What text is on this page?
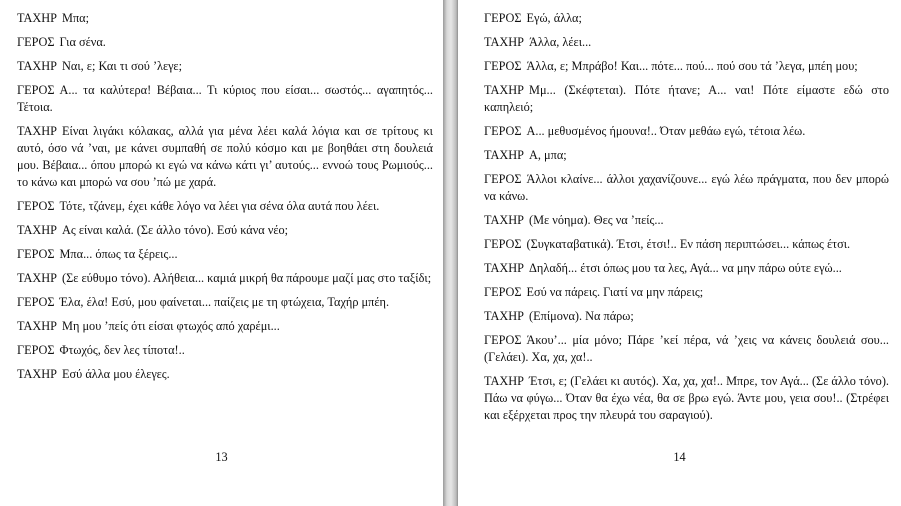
ΤΑΧΗΡ Μπα;

ΓΕΡΟΣ Για σένα.

ΤΑΧΗΡ Ναι, ε; Και τι σού ’λεγε;

ΓΕΡΟΣ Α... τα καλύτερα! Βέβαια... Τι κύριος που είσαι... σωστός... αγαπητός... Τέτοια.

ΤΑΧΗΡ Είναι λιγάκι κόλακας, αλλά για μένα λέει καλά λόγια και σε τρίτους κι αυτό, όσο νά ’ναι, με κάνει συμπαθή σε πολύ κόσμο και με βοηθάει στη δουλειά μου. Βέβαια... όπου μπορώ κι εγώ να κάνω κάτι γι’ αυτούς... εννοώ τους Ρωμιούς... το κάνω και μπορώ να σου ’πώ με χαρά.

ΓΕΡΟΣ Τότε, τζάνεμ, έχει κάθε λόγο να λέει για σένα όλα αυτά που λέει.

ΤΑΧΗΡ Ας είναι καλά. (Σε άλλο τόνο). Εσύ κάνα νέο;

ΓΕΡΟΣ Μπα... όπως τα ξέρεις...

ΤΑΧΗΡ (Σε εύθυμο τόνο). Αλήθεια... καμιά μικρή θα πάρουμε μαζί μας στο ταξίδι;

ΓΕΡΟΣ Έλα, έλα! Εσύ, μου φαίνεται... παίζεις με τη φτώχεια, Ταχήρ μπέη.

ΤΑΧΗΡ Μη μου ’πείς ότι είσαι φτωχός από χαρέμι...

ΓΕΡΟΣ Φτωχός, δεν λες τίποτα!..

ΤΑΧΗΡ Εσύ άλλα μου έλεγες.

13

ΓΕΡΟΣ Εγώ, άλλα;

ΤΑΧΗΡ Άλλα, λέει...

ΓΕΡΟΣ Άλλα, ε; Μπράβο! Και... πότε... πού... πού σου τά ’λεγα, μπέη μου;

ΤΑΧΗΡ Μμ... (Σκέφτεται). Πότε ήτανε; Α... ναι! Πότε είμαστε εδώ στο καπηλειό;

ΓΕΡΟΣ Α... μεθυσμένος ήμουνα!.. Όταν μεθάω εγώ, τέτοια λέω.

ΤΑΧΗΡ Α, μπα;

ΓΕΡΟΣ Άλλοι κλαίνε... άλλοι χαχανίζουνε... εγώ λέω πράγματα, που δεν μπορώ να κάνω.

ΤΑΧΗΡ (Με νόημα). Θες να ’πείς...

ΓΕΡΟΣ (Συγκαταβατικά). Έτσι, έτσι!.. Εν πάση περιπτώσει... κάπως έτσι.

ΤΑΧΗΡ Δηλαδή... έτσι όπως μου τα λες, Αγά... να μην πάρω ούτε εγώ...

ΓΕΡΟΣ Εσύ να πάρεις. Γιατί να μην πάρεις;

ΤΑΧΗΡ (Επίμονα). Να πάρω;

ΓΕΡΟΣ Άκου’... μία μόνο; Πάρε ’κεί πέρα, νά ’χεις να κάνεις δουλειά σου... (Γελάει). Χα, χα, χα!..

ΤΑΧΗΡ Έτσι, ε; (Γελάει κι αυτός). Χα, χα, χα!.. Μπρε, τον Αγά... (Σε άλλο τόνο). Πάω να φύγω... Όταν θα έχω νέα, θα σε βρω εγώ. Άντε μου, γεια σου!.. (Στρέφει και εξέρχεται προς την πλευρά του σαραγιού).

14
